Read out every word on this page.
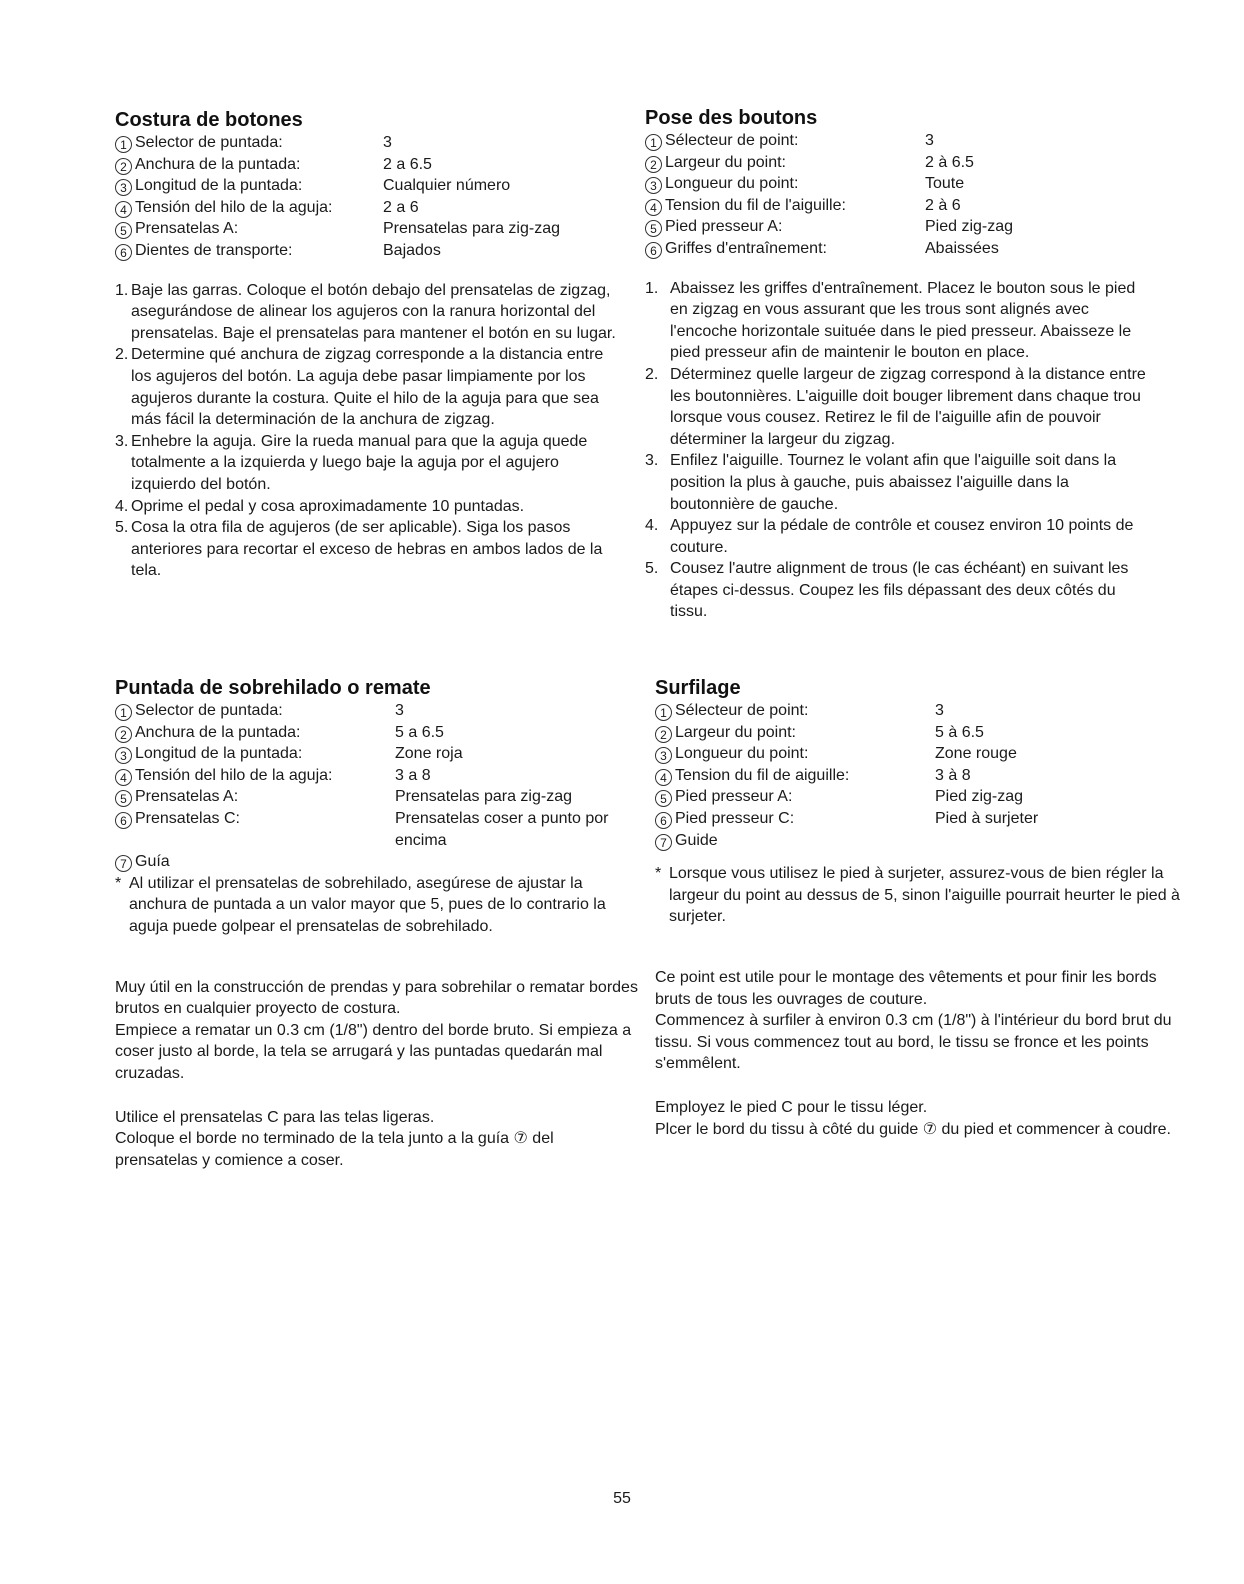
Costura de botones
1 Selector de puntada:	3
2 Anchura de la puntada:	2 a 6.5
3 Longitud de la puntada:	Cualquier número
4 Tensión del hilo de la aguja:	2 a 6
5 Prensatelas A:	Prensatelas para zig-zag
6 Dientes de transporte:	Bajados
1. Baje las garras. Coloque el botón debajo del prensatelas de zigzag, asegurándose de alinear los agujeros con la ranura horizontal del prensatelas. Baje el prensatelas para mantener el botón en su lugar.
2. Determine qué anchura de zigzag corresponde a la distancia entre los agujeros del botón. La aguja debe pasar limpiamente por los agujeros durante la costura. Quite el hilo de la aguja para que sea más fácil la determinación de la anchura de zigzag.
3. Enhebre la aguja. Gire la rueda manual para que la aguja quede totalmente a la izquierda y luego baje la aguja por el agujero izquierdo del botón.
4. Oprime el pedal y cosa aproximadamente 10 puntadas.
5. Cosa la otra fila de agujeros (de ser aplicable). Siga los pasos anteriores para recortar el exceso de hebras en ambos lados de la tela.
Pose des boutons
1 Sélecteur de point:	3
2 Largeur du point:	2 à 6.5
3 Longueur du point:	Toute
4 Tension du fil de l'aiguille:	2 à 6
5 Pied presseur A:	Pied zig-zag
6 Griffes d'entraînement:	Abaissées
1. Abaissez les griffes d'entraînement. Placez le bouton sous le pied en zigzag en vous assurant que les trous sont alignés avec l'encoche horizontale suituée dans le pied presseur. Abaisseze le pied presseur afin de maintenir le bouton en place.
2. Déterminez quelle largeur de zigzag correspond à la distance entre les boutonnières. L'aiguille doit bouger librement dans chaque trou lorsque vous cousez. Retirez le fil de l'aiguille afin de pouvoir déterminer la largeur du zigzag.
3. Enfilez l'aiguille. Tournez le volant afin que l'aiguille soit dans la position la plus à gauche, puis abaissez l'aiguille dans la boutonnière de gauche.
4. Appuyez sur la pédale de contrôle et cousez environ 10 points de couture.
5. Cousez l'autre alignment de trous (le cas échéant) en suivant les étapes ci-dessus. Coupez les fils dépassant des deux côtés du tissu.
Puntada de sobrehilado o remate
1 Selector de puntada:	3
2 Anchura de la puntada:	5 a 6.5
3 Longitud de la puntada:	Zone roja
4 Tensión del hilo de la aguja:	3 a 8
5 Prensatelas A:	Prensatelas para zig-zag
6 Prensatelas C:	Prensatelas coser a punto por encima
7 Guía
* Al utilizar el prensatelas de sobrehilado, asegúrese de ajustar la anchura de puntada a un valor mayor que 5, pues de lo contrario la aguja puede golpear el prensatelas de sobrehilado.

Muy útil en la construcción de prendas y para sobrehilar o rematar bordes brutos en cualquier proyecto de costura.

Empiece a rematar un 0.3 cm (1/8") dentro del borde bruto. Si empieza a coser justo al borde, la tela se arrugará y las puntadas quedarán mal cruzadas.

Utilice el prensatelas C para las telas ligeras.

Coloque el borde no terminado de la tela junto a la guía ⑦ del prensatelas y comience a coser.

Surfilage
1 Sélecteur de point:	3
2 Largeur du point:	5 à 6.5
3 Longueur du point:	Zone rouge
4 Tension du fil de aiguille:	3 à 8
5 Pied presseur A:	Pied zig-zag
6 Pied presseur C:	Pied à surjeter
7 Guide
* Lorsque vous utilisez le pied à surjeter, assurez-vous de bien régler la largeur du point au dessus de 5, sinon l'aiguille pourrait heurter le pied à surjeter.

Ce point est utile pour le montage des vêtements et pour finir les bords bruts de tous les ouvrages de couture.

Commencez à surfiler à environ 0.3 cm (1/8") à l'intérieur du bord brut du tissu. Si vous commencez tout au bord, le tissu se fronce et les points s'emmêlent.

Employez le pied C pour le tissu léger.

Plcer le bord du tissu à côté du guide ⑦ du pied et commencer à coudre.

55
